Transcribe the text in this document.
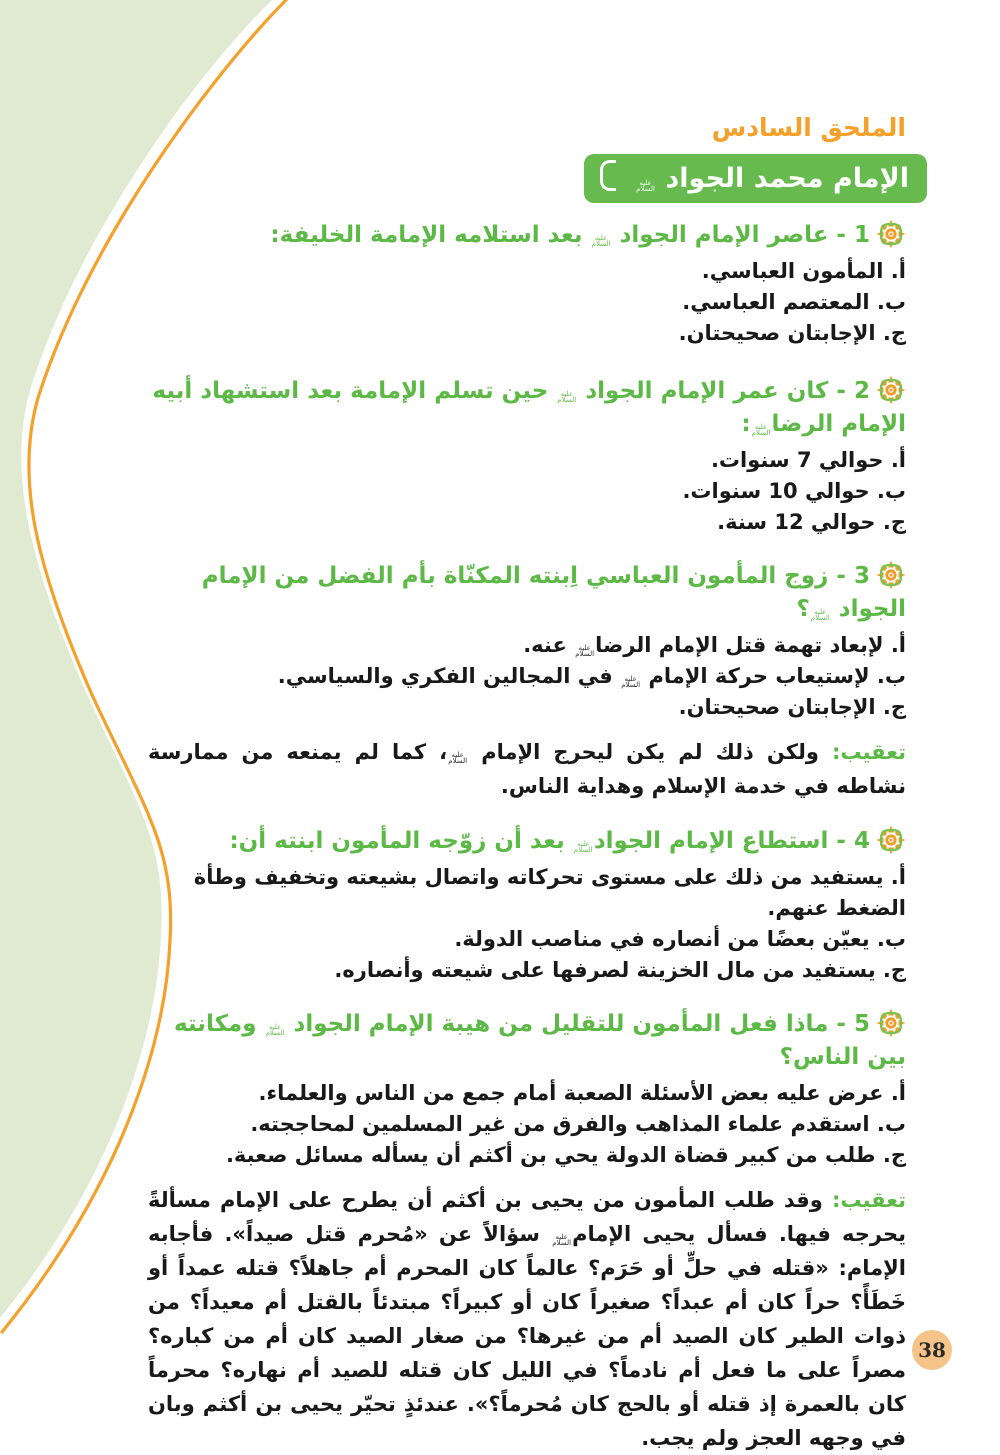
الملحق السادس
الإمام محمد الجواد عليه السلام
1 - عاصر الإمام الجواد عليه السلام بعد استلامه الإمامة الخليفة:
أ. المأمون العباسي.
ب. المعتصم العباسي.
ج. الإجابتان صحيحتان.
2 - كان عمر الإمام الجواد عليه السلام حين تسلم الإمامة بعد استشهاد أبيه الإمام الرضاعليه السلام:
أ. حوالي 7 سنوات.
ب. حوالي 10 سنوات.
ج. حوالي 12 سنة.
3 - زوج المأمون العباسي اِبنته المكنّاة بأم الفضل من الإمام الجواد عليه السلام؟
أ. لإبعاد تهمة قتل الإمام الرضاعليه السلام عنه.
ب. لإستيعاب حركة الإمام عليه السلام في المجالين الفكري والسياسي.
ج. الإجابتان صحيحتان.
تعقيب: ولكن ذلك لم يكن ليحرج الإمام عليه السلام، كما لم يمنعه من ممارسة نشاطه في خدمة الإسلام وهداية الناس.
4 - استطاع الإمام الجوادعليه السلام بعد أن زوّجه المأمون ابنته أن:
أ. يستفيد من ذلك على مستوى تحركاته واتصال بشيعته وتخفيف وطأة الضغط عنهم.
ب. يعيّن بعضًا من أنصاره في مناصب الدولة.
ج. يستفيد من مال الخزينة لصرفها على شيعته وأنصاره.
5 - ماذا فعل المأمون للتقليل من هيبة الإمام الجواد عليه السلام ومكانته بين الناس؟
أ. عرض عليه بعض الأسئلة الصعبة أمام جمع من الناس والعلماء.
ب. استقدم علماء المذاهب والفرق من غير المسلمين لمحاججته.
ج. طلب من كبير قضاة الدولة يحي بن أكثم أن يسأله مسائل صعبة.
تعقيب: وقد طلب المأمون من يحيى بن أكثم أن يطرح على الإمام مسألةً يحرجه فيها. فسأل يحيى الإمامعليه السلام سؤالاً عن «مُحرم قتل صيداً». فأجابه الإمام: «قتله في حلٍّ أو حَرَم؟ عالماً كان المحرم أم جاهلاً؟ قتله عمداً أو خَطَأً؟ حراً كان أم عبداً؟ صغيراً كان أو كبيراً؟ مبتدئاً بالقتل أم معيداً؟ من ذوات الطير كان الصيد أم من غيرها؟ من صغار الصيد كان أم من كباره؟ مصراً على ما فعل أم نادماً؟ في الليل كان قتله للصيد أم نهاره؟ محرماً كان بالعمرة إذ قتله أو بالحج كان مُحرماً؟». عندئذٍ تحيّر يحيى بن أكثم وبان في وجهه العجز ولم يجب.
38
